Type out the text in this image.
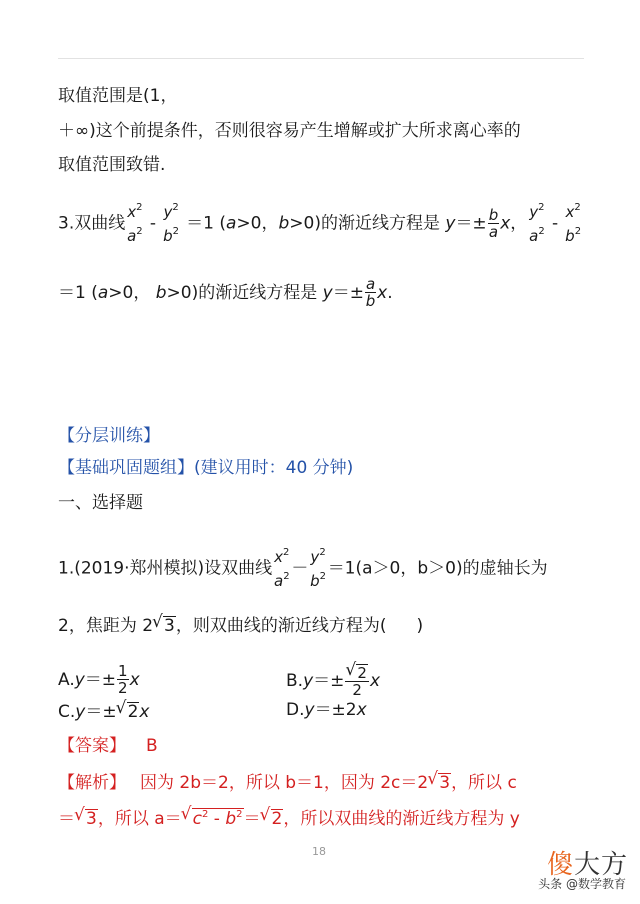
取值范围是(1，
＋∞)这个前提条件，否则很容易产生增解或扩大所求离心率的
取值范围致错.
3.双曲线
$x^2$
$a^2$ -
$y^2$
$b^2 =1$ (a>0，b>0)的渐近线方程是 $y=\pm \frac{b}{a}$ x，
$y^2$
$a^2$ -
$x^2$
$b^2$
＝1 (a>0， b>0)的渐近线方程是 $y=\pm \frac{a}{b} x$.
【分层训练】
【基础巩固题组】(建议用时：40 分钟)
一、选择题
1.(2019·郑州模拟)设双曲线
$x^2$
$a^2$ －
$y^2$
$b^2 =1(a>0$，b＞0)的虚轴长为
2，焦距为 2√ 3，则双曲线的渐近线方程为( )
$A.y=\pm \frac{1}{2}$ x	B.y＝±
√ $\frac{2}{2}$ x
C.y＝±√ 2x	D.y＝±2x
【答案】 B
【解析】 因为 2b＝2，所以 b＝1，因为 2c＝2√ 3，所以 c
＝√ 3，所以 a＝√ $c^2 - b^2=√$ 2，所以双曲线的渐近线方程为 y
18	傻大方
头条 @数学教育
